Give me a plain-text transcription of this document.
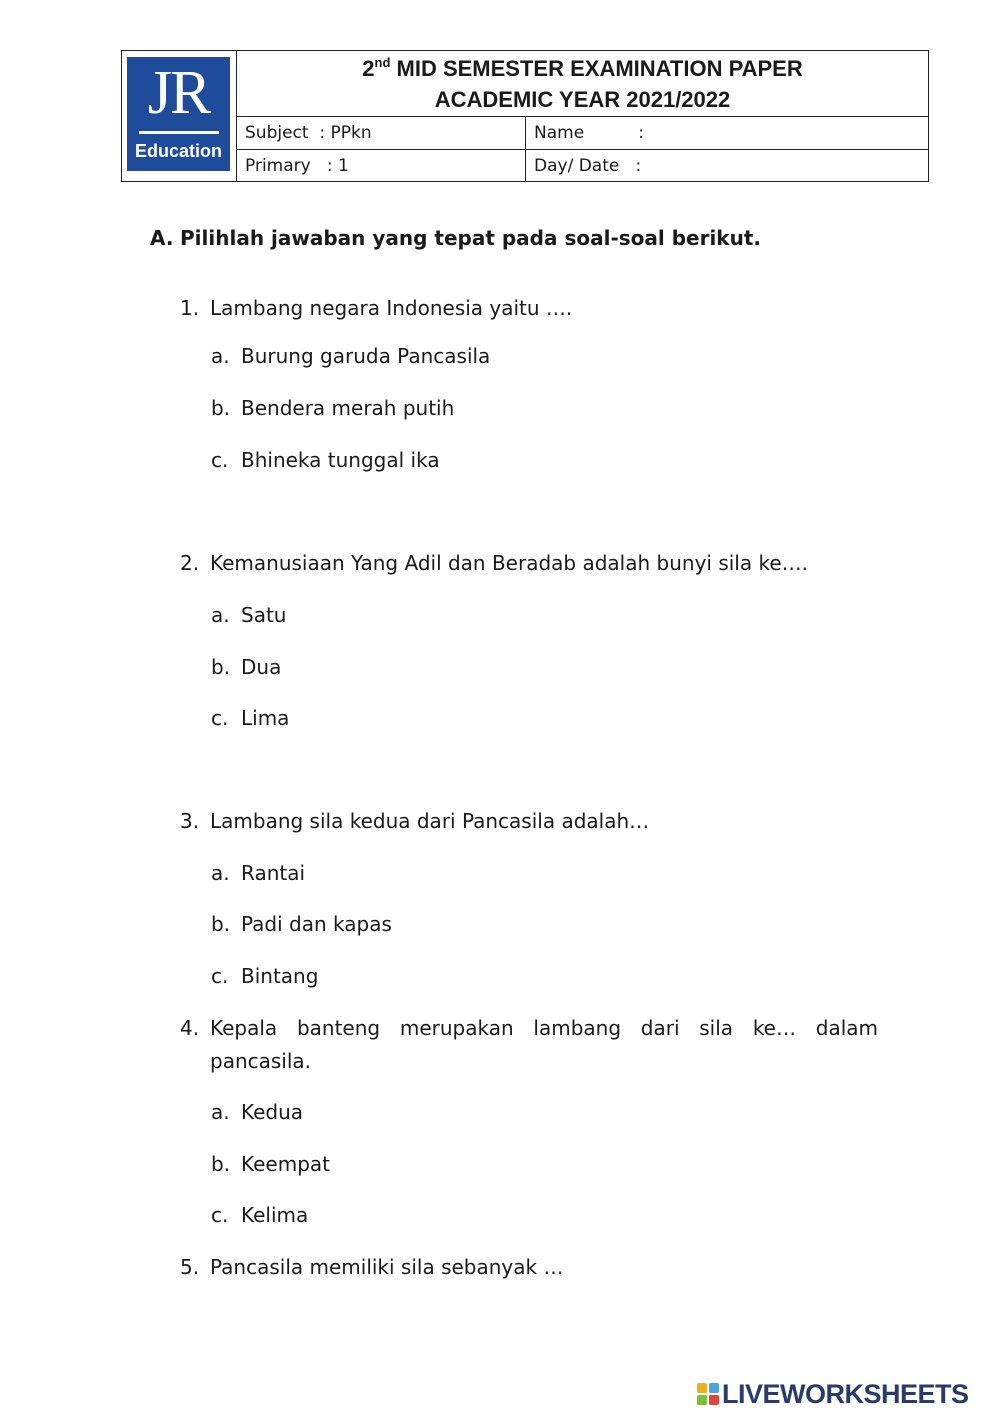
JR
Education
2nd MID SEMESTER EXAMINATION PAPER
ACADEMIC YEAR 2021/2022
Subject  : PPkn	Name          :
Primary   : 1	Day/ Date   :
A. Pilihlah jawaban yang tepat pada soal-soal berikut.
1. Lambang negara Indonesia yaitu ….
a. Burung garuda Pancasila
b. Bendera merah putih
c. Bhineka tunggal ika
2. Kemanusiaan Yang Adil dan Beradab adalah bunyi sila ke….
a. Satu
b. Dua
c. Lima
3. Lambang sila kedua dari Pancasila adalah…
a. Rantai
b. Padi dan kapas
c. Bintang
4. Kepala banteng merupakan lambang dari sila ke… dalam
pancasila.
a. Kedua
b. Keempat
c. Kelima
5. Pancasila memiliki sila sebanyak …
LIVEWORKSHEETS
